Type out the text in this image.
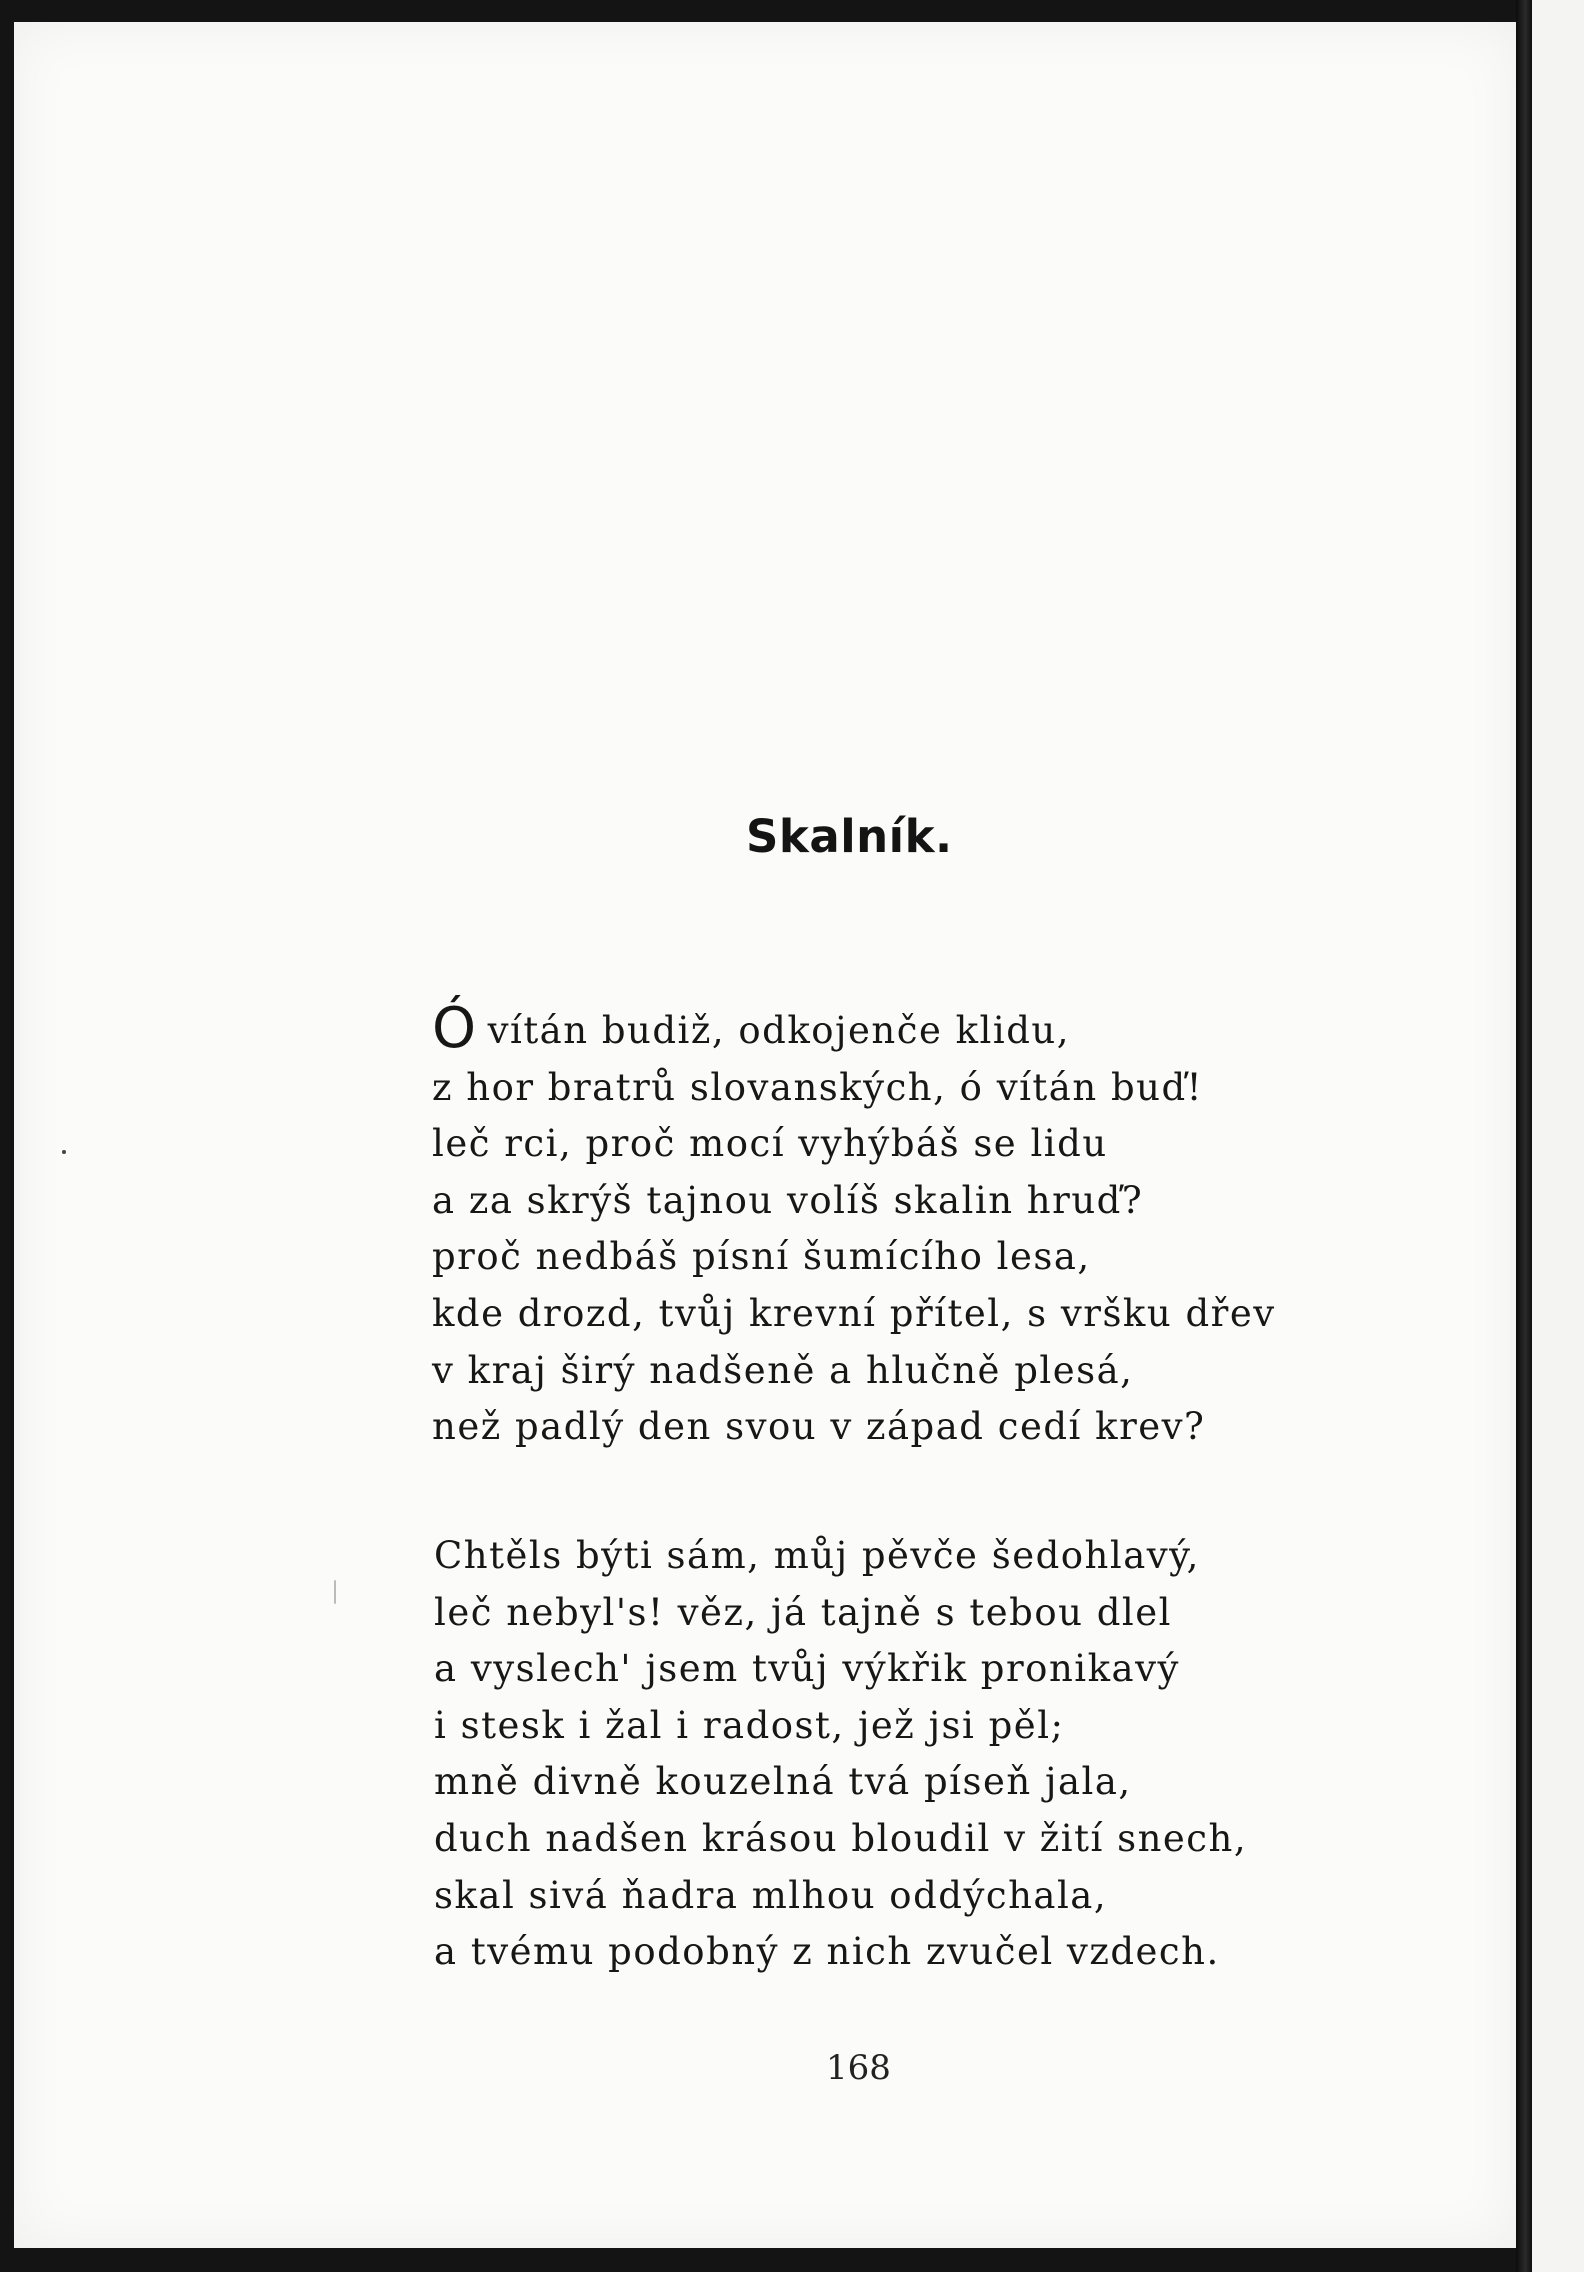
Skalník.
Óvítán budiž, odkojenče klidu,
z hor bratrů slovanských, ó vítán buď!
leč rci, proč mocí vyhýbáš se lidu
a za skrýš tajnou volíš skalin hruď?
proč nedbáš písní šumícího lesa,
kde drozd, tvůj krevní přítel, s vršku dřev
v kraj širý nadšeně a hlučně plesá,
než padlý den svou v západ cedí krev?
Chtěls býti sám, můj pěvče šedohlavý,
leč nebyl's! věz, já tajně s tebou dlel
a vyslech' jsem tvůj výkřik pronikavý
i stesk i žal i radost, jež jsi pěl;
mně divně kouzelná tvá píseň jala,
duch nadšen krásou bloudil v žití snech,
skal sivá ňadra mlhou oddýchala,
a tvému podobný z nich zvučel vzdech.
168
